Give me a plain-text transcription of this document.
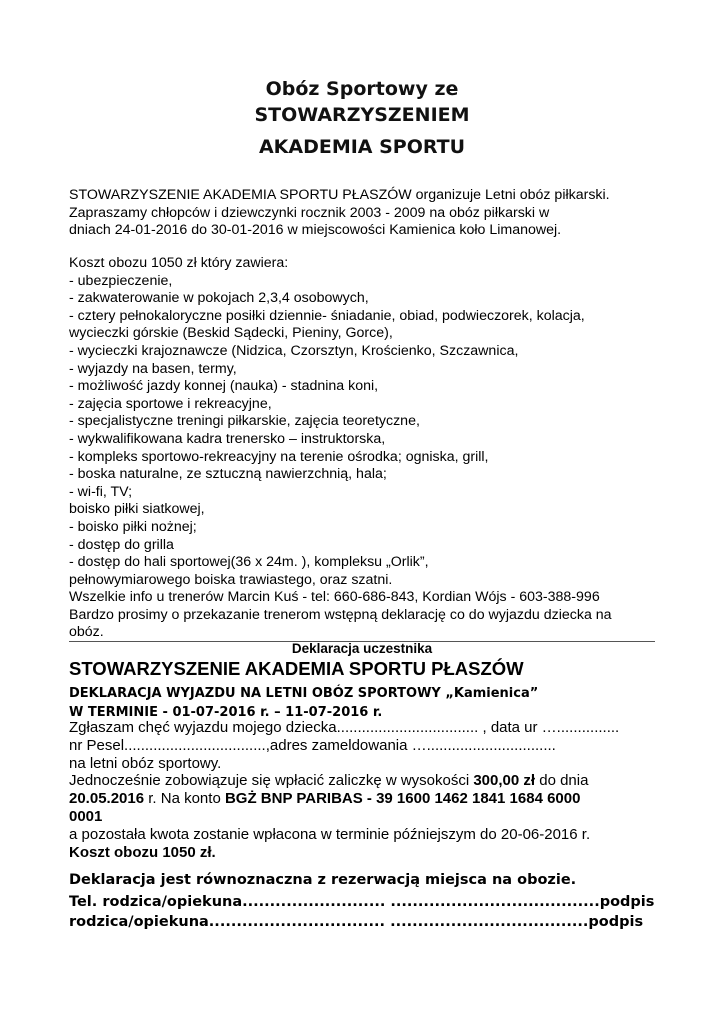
Obóz Sportowy ze
STOWARZYSZENIEM
AKADEMIA SPORTU
STOWARZYSZENIE AKADEMIA SPORTU PŁASZÓW organizuje Letni obóz piłkarski.
Zapraszamy chłopców i dziewczynki rocznik 2003 - 2009 na obóz piłkarski w
dniach 24-01-2016 do 30-01-2016 w miejscowości Kamienica koło Limanowej.
Koszt obozu 1050 zł który zawiera:
- ubezpieczenie,
- zakwaterowanie w pokojach 2,3,4 osobowych,
- cztery pełnokaloryczne posiłki dziennie- śniadanie, obiad, podwieczorek, kolacja,
wycieczki górskie (Beskid Sądecki, Pieniny, Gorce),
- wycieczki krajoznawcze (Nidzica, Czorsztyn, Krościenko, Szczawnica,
- wyjazdy na basen, termy,
- możliwość jazdy konnej (nauka) - stadnina koni,
- zajęcia sportowe i rekreacyjne,
- specjalistyczne treningi piłkarskie, zajęcia teoretyczne,
- wykwalifikowana kadra trenersko – instruktorska,
- kompleks sportowo-rekreacyjny na terenie ośrodka; ogniska, grill,
- boska naturalne, ze sztuczną nawierzchnią, hala;
- wi-fi, TV;
boisko piłki siatkowej,
- boisko piłki nożnej;
- dostęp do grilla
- dostęp do hali sportowej(36 x 24m. ), kompleksu „Orlik”,
pełnowymiarowego boiska trawiastego, oraz szatni.
Wszelkie info u trenerów Marcin Kuś - tel: 660-686-843, Kordian Wójs - 603-388-996
Bardzo prosimy o przekazanie trenerom wstępną deklarację co do wyjazdu dziecka na
obóz.
Deklaracja uczestnika
STOWARZYSZENIE AKADEMIA SPORTU PŁASZÓW
DEKLARACJA WYJAZDU NA LETNI OBÓZ SPORTOWY „Kamienica”
W TERMINIE - 01-07-2016 r. – 11-07-2016 r.
Zgłaszam chęć wyjazdu mojego dziecka.................................. , data ur …...............
nr Pesel..................................,adres zameldowania …...............................
na letni obóz sportowy.
Jednocześnie zobowiązuje się wpłacić zaliczkę w wysokości 300,00 zł do dnia
20.05.2016 r. Na konto BGŻ BNP PARIBAS - 39 1600 1462 1841 1684 6000
0001
a pozostała kwota zostanie wpłacona w terminie późniejszym do 20-06-2016 r.
Koszt obozu 1050 zł.
Deklaracja jest równoznaczna z rezerwacją miejsca na obozie.
Tel. rodzica/opiekuna.......................... ......................................podpis
rodzica/opiekuna................................ ....................................podpis
